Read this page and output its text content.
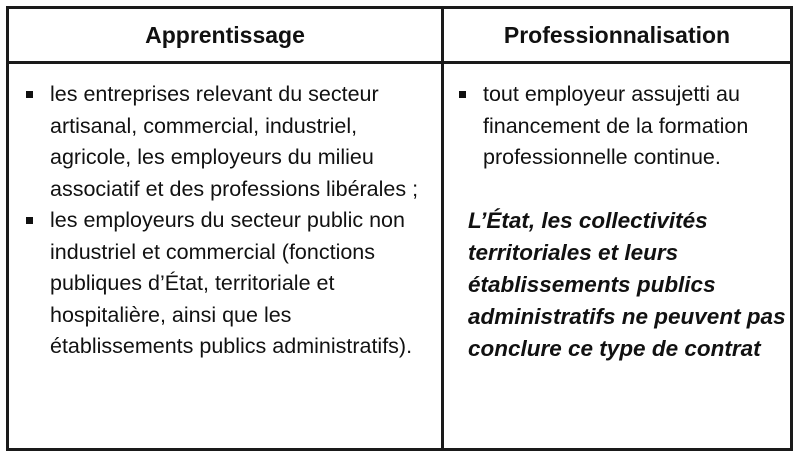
Apprentissage	Professionnalisation
les entreprises relevant du secteur artisanal, commercial, industriel, agricole, les employeurs du milieu associatif et des professions libérales ;
les employeurs du secteur public non industriel et commercial (fonctions publiques d’État, territoriale et hospitalière, ainsi que les établissements publics administratifs).
tout employeur assujetti au financement de la formation professionnelle continue.
L’État, les collectivités territoriales et leurs établissements publics administratifs ne peuvent pas conclure ce type de contrat
